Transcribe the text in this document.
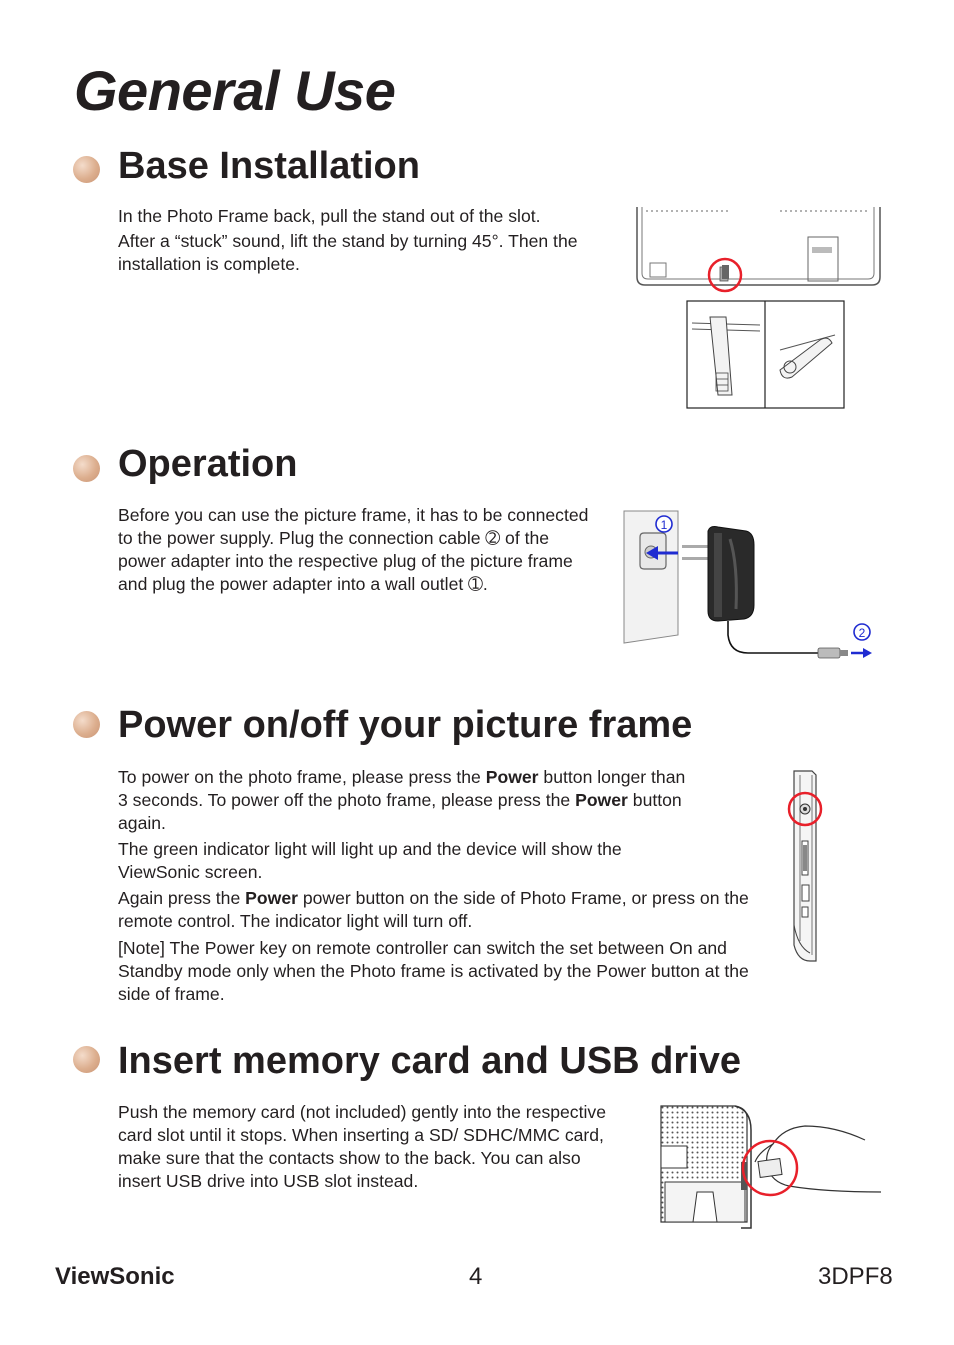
General Use
Base Installation

In the Photo Frame back, pull the stand out of the slot.

After a “stuck” sound, lift the stand by turning 45°. Then the installation is complete.

Operation

Before you can use the picture frame, it has to be connected to the power supply. Plug the connection cable ➁ of the power adapter into the respective plug of the picture frame and plug the power adapter into a wall outlet ➀.

1
2
Power on/off your picture frame

To power on the photo frame, please press the Power button longer than 3 seconds. To power off the photo frame, please press the Power button again.

The green indicator light will light up and the device will show the ViewSonic screen.

Again press the Power power button on the side of Photo Frame, or press on the remote control. The indicator light will turn off.

[Note] The Power key on remote controller can switch the set between On and Standby mode only when the Photo frame is activated by the Power button at the side of frame.

Insert memory card and USB drive

Push the memory card (not included) gently into the respective card slot until it stops. When inserting a SD/ SDHC/MMC card, make sure that the contacts show to the back. You can also insert USB drive into USB slot instead.

ViewSonic	4	3DPF8
